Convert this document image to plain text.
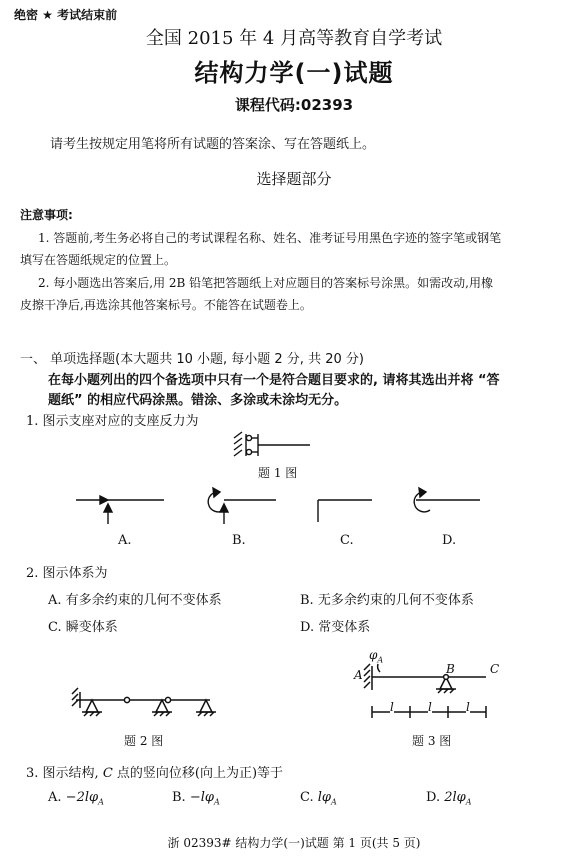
绝密 ★ 考试结束前
全国 2015 年 4 月高等教育自学考试
结构力学(一)试题
课程代码:02393
请考生按规定用笔将所有试题的答案涂、写在答题纸上。
选择题部分
注意事项:
1. 答题前,考生务必将自己的考试课程名称、姓名、准考证号用黑色字迹的签字笔或钢笔
填写在答题纸规定的位置上。
2. 每小题选出答案后,用 2B 铅笔把答题纸上对应题目的答案标号涂黑。如需改动,用橡
皮擦干净后,再选涂其他答案标号。不能答在试题卷上。
一、 单项选择题(本大题共 10 小题, 每小题 2 分, 共 20 分)
在每小题列出的四个备选项中只有一个是符合题目要求的, 请将其选出并将 “答
题纸” 的相应代码涂黑。错涂、多涂或未涂均无分。
1. 图示支座对应的支座反力为
题 1 图
A.	B.	C.	D.
2. 图示体系为
A. 有多余约束的几何不变体系	B. 无多余约束的几何不变体系
C. 瞬变体系	D. 常变体系
题 2 图
$\varphi_A$
A	B	C
l	l	l
题 3 图
3. 图示结构, C 点的竖向位移(向上为正)等于
A. $-2l\varphi_A$	B. $-l\varphi_A$	C. $l\varphi_A$	D. $2l\varphi_A$
浙 02393# 结构力学(一)试题 第 1 页(共 5 页)
